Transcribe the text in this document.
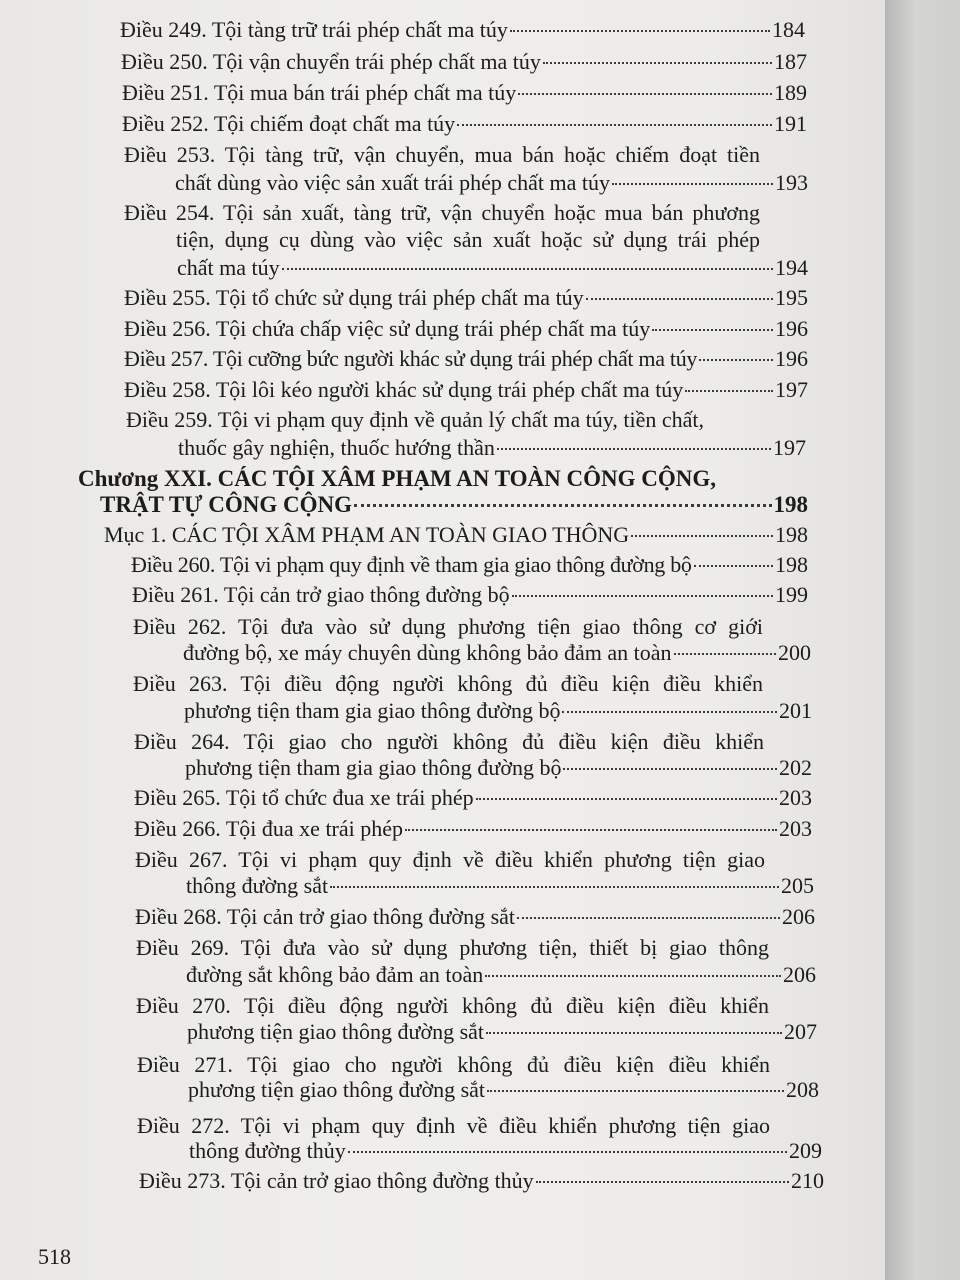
Điều 249. Tội tàng trữ trái phép chất ma túy	184
Điều 250. Tội vận chuyển trái phép chất ma túy	187
Điều 251. Tội mua bán trái phép chất ma túy	189
Điều 252. Tội chiếm đoạt chất ma túy	191
Điều 253. Tội tàng trữ, vận chuyển, mua bán hoặc chiếm đoạt tiền
chất dùng vào việc sản xuất trái phép chất ma túy	193
Điều 254. Tội sản xuất, tàng trữ, vận chuyển hoặc mua bán phương
tiện, dụng cụ dùng vào việc sản xuất hoặc sử dụng trái phép
chất ma túy	194
Điều 255. Tội tổ chức sử dụng trái phép chất ma túy	195
Điều 256. Tội chứa chấp việc sử dụng trái phép chất ma túy	196
Điều 257. Tội cưỡng bức người khác sử dụng trái phép chất ma túy	196
Điều 258. Tội lôi kéo người khác sử dụng trái phép chất ma túy	197
Điều 259. Tội vi phạm quy định về quản lý chất ma túy, tiền chất,
thuốc gây nghiện, thuốc hướng thần	197
Chương XXI. CÁC TỘI XÂM PHẠM AN TOÀN CÔNG CỘNG,
TRẬT TỰ CÔNG CỘNG	198
Mục 1. CÁC TỘI XÂM PHẠM AN TOÀN GIAO THÔNG	198
Điều 260. Tội vi phạm quy định về tham gia giao thông đường bộ	198
Điều 261. Tội cản trở giao thông đường bộ	199
Điều 262. Tội đưa vào sử dụng phương tiện giao thông cơ giới
đường bộ, xe máy chuyên dùng không bảo đảm an toàn	200
Điều 263. Tội điều động người không đủ điều kiện điều khiển
phương tiện tham gia giao thông đường bộ	201
Điều 264. Tội giao cho người không đủ điều kiện điều khiển
phương tiện tham gia giao thông đường bộ	202
Điều 265. Tội tổ chức đua xe trái phép	203
Điều 266. Tội đua xe trái phép	203
Điều 267. Tội vi phạm quy định về điều khiển phương tiện giao
thông đường sắt	205
Điều 268. Tội cản trở giao thông đường sắt	206
Điều 269. Tội đưa vào sử dụng phương tiện, thiết bị giao thông
đường sắt không bảo đảm an toàn	206
Điều 270. Tội điều động người không đủ điều kiện điều khiển
phương tiện giao thông đường sắt	207
Điều 271. Tội giao cho người không đủ điều kiện điều khiển
phương tiện giao thông đường sắt	208
Điều 272. Tội vi phạm quy định về điều khiển phương tiện giao
thông đường thủy	209
Điều 273. Tội cản trở giao thông đường thủy	210
518
